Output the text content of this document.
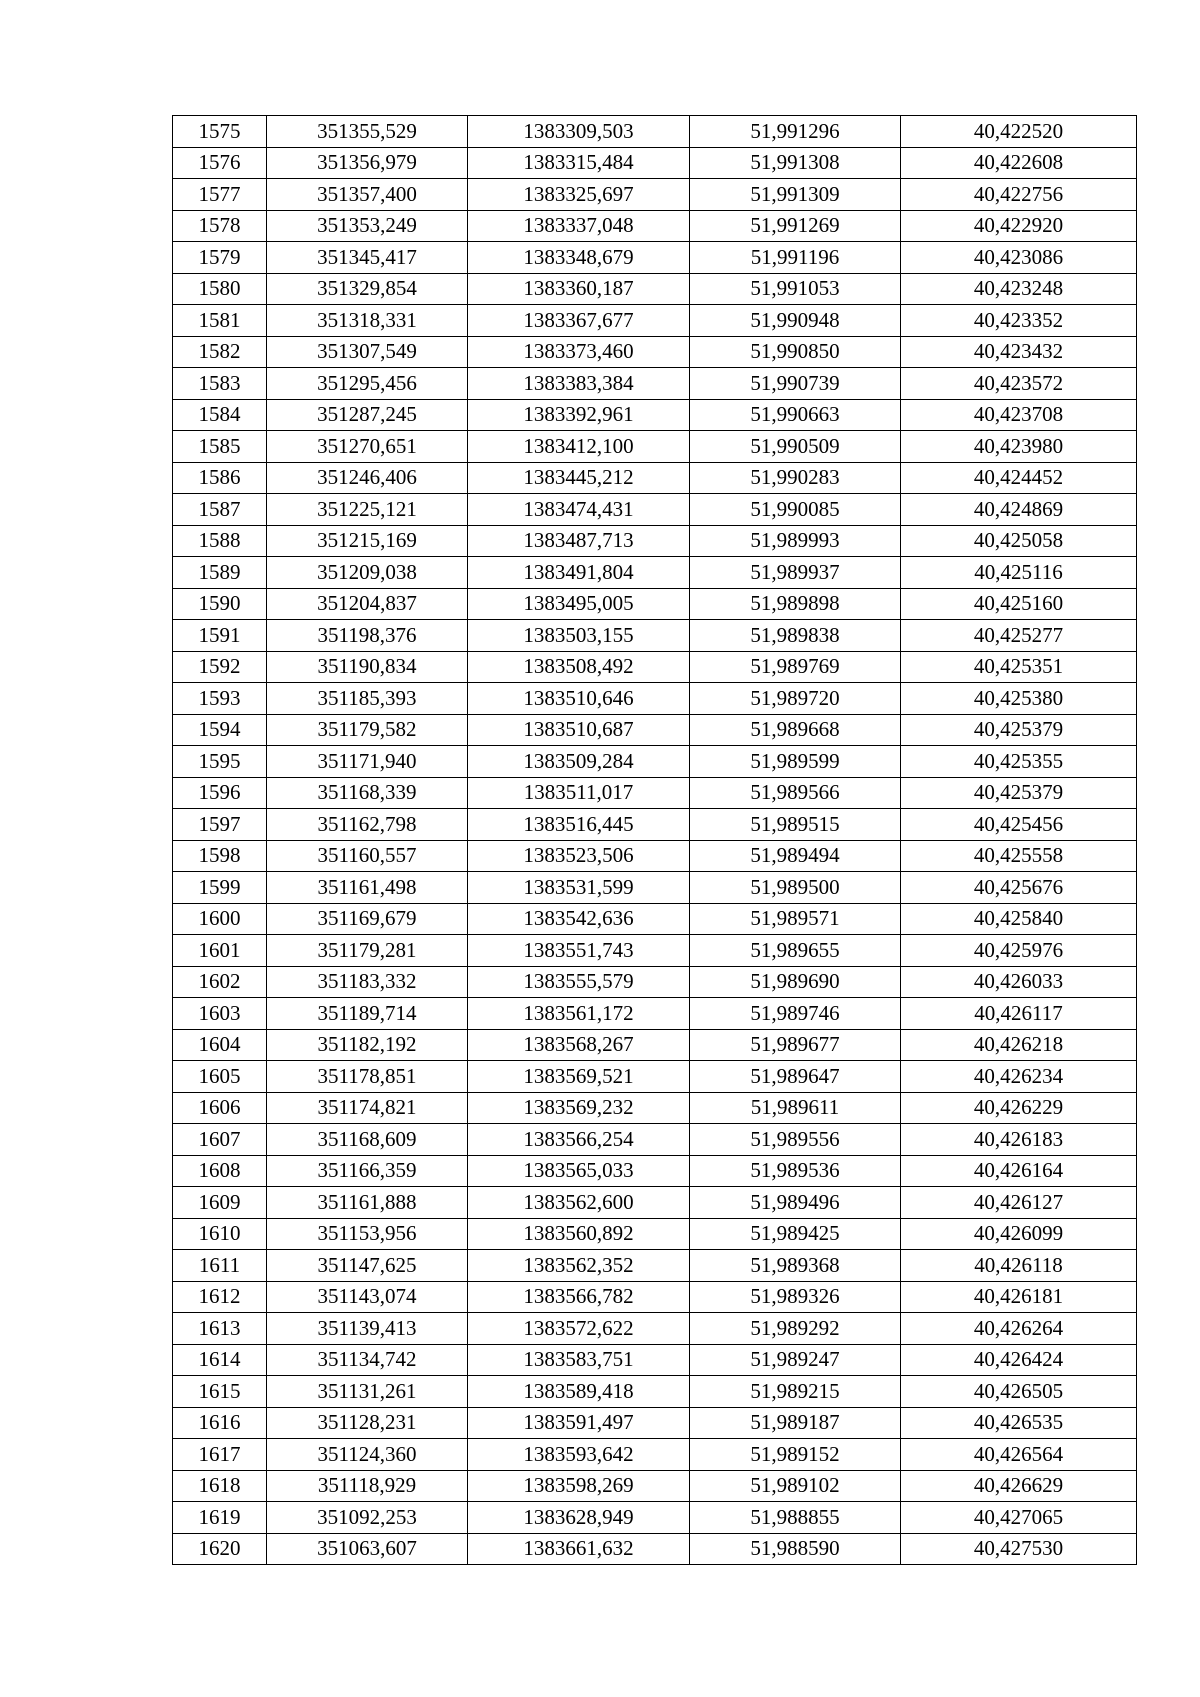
1575	351355,529	1383309,503	51,991296	40,422520
1576	351356,979	1383315,484	51,991308	40,422608
1577	351357,400	1383325,697	51,991309	40,422756
1578	351353,249	1383337,048	51,991269	40,422920
1579	351345,417	1383348,679	51,991196	40,423086
1580	351329,854	1383360,187	51,991053	40,423248
1581	351318,331	1383367,677	51,990948	40,423352
1582	351307,549	1383373,460	51,990850	40,423432
1583	351295,456	1383383,384	51,990739	40,423572
1584	351287,245	1383392,961	51,990663	40,423708
1585	351270,651	1383412,100	51,990509	40,423980
1586	351246,406	1383445,212	51,990283	40,424452
1587	351225,121	1383474,431	51,990085	40,424869
1588	351215,169	1383487,713	51,989993	40,425058
1589	351209,038	1383491,804	51,989937	40,425116
1590	351204,837	1383495,005	51,989898	40,425160
1591	351198,376	1383503,155	51,989838	40,425277
1592	351190,834	1383508,492	51,989769	40,425351
1593	351185,393	1383510,646	51,989720	40,425380
1594	351179,582	1383510,687	51,989668	40,425379
1595	351171,940	1383509,284	51,989599	40,425355
1596	351168,339	1383511,017	51,989566	40,425379
1597	351162,798	1383516,445	51,989515	40,425456
1598	351160,557	1383523,506	51,989494	40,425558
1599	351161,498	1383531,599	51,989500	40,425676
1600	351169,679	1383542,636	51,989571	40,425840
1601	351179,281	1383551,743	51,989655	40,425976
1602	351183,332	1383555,579	51,989690	40,426033
1603	351189,714	1383561,172	51,989746	40,426117
1604	351182,192	1383568,267	51,989677	40,426218
1605	351178,851	1383569,521	51,989647	40,426234
1606	351174,821	1383569,232	51,989611	40,426229
1607	351168,609	1383566,254	51,989556	40,426183
1608	351166,359	1383565,033	51,989536	40,426164
1609	351161,888	1383562,600	51,989496	40,426127
1610	351153,956	1383560,892	51,989425	40,426099
1611	351147,625	1383562,352	51,989368	40,426118
1612	351143,074	1383566,782	51,989326	40,426181
1613	351139,413	1383572,622	51,989292	40,426264
1614	351134,742	1383583,751	51,989247	40,426424
1615	351131,261	1383589,418	51,989215	40,426505
1616	351128,231	1383591,497	51,989187	40,426535
1617	351124,360	1383593,642	51,989152	40,426564
1618	351118,929	1383598,269	51,989102	40,426629
1619	351092,253	1383628,949	51,988855	40,427065
1620	351063,607	1383661,632	51,988590	40,427530
